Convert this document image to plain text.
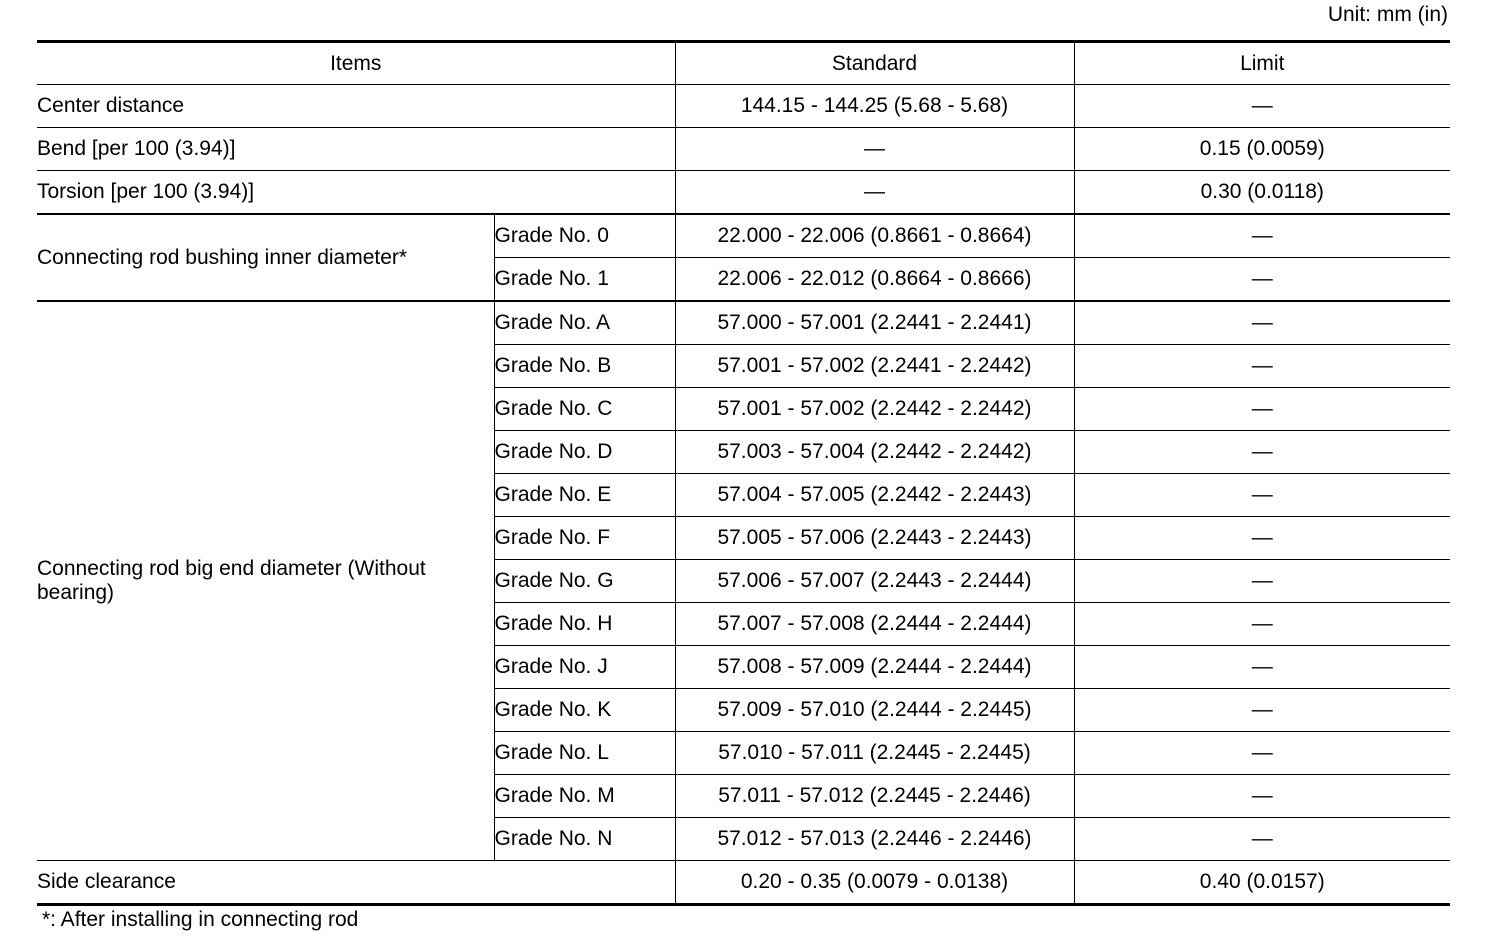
Unit: mm (in)
Items		Standard	Limit
Center distance		144.15 - 144.25 (5.68 - 5.68)	—
Bend [per 100 (3.94)]		—	0.15 (0.0059)
Torsion [per 100 (3.94)]		—	0.30 (0.0118)
Connecting rod bushing inner diameter*	Grade No. 0	22.000 - 22.006 (0.8661 - 0.8664)	—
	Grade No. 1	22.006 - 22.012 (0.8664 - 0.8666)	—
Connecting rod big end diameter (Without bearing)	Grade No. A	57.000 - 57.001 (2.2441 - 2.2441)	—
	Grade No. B	57.001 - 57.002 (2.2441 - 2.2442)	—
	Grade No. C	57.001 - 57.002 (2.2442 - 2.2442)	—
	Grade No. D	57.003 - 57.004 (2.2442 - 2.2442)	—
	Grade No. E	57.004 - 57.005 (2.2442 - 2.2443)	—
	Grade No. F	57.005 - 57.006 (2.2443 - 2.2443)	—
	Grade No. G	57.006 - 57.007 (2.2443 - 2.2444)	—
	Grade No. H	57.007 - 57.008 (2.2444 - 2.2444)	—
	Grade No. J	57.008 - 57.009 (2.2444 - 2.2444)	—
	Grade No. K	57.009 - 57.010 (2.2444 - 2.2445)	—
	Grade No. L	57.010 - 57.011 (2.2445 - 2.2445)	—
	Grade No. M	57.011 - 57.012 (2.2445 - 2.2446)	—
	Grade No. N	57.012 - 57.013 (2.2446 - 2.2446)	—
Side clearance		0.20 - 0.35 (0.0079 - 0.0138)	0.40 (0.0157)
*: After installing in connecting rod
